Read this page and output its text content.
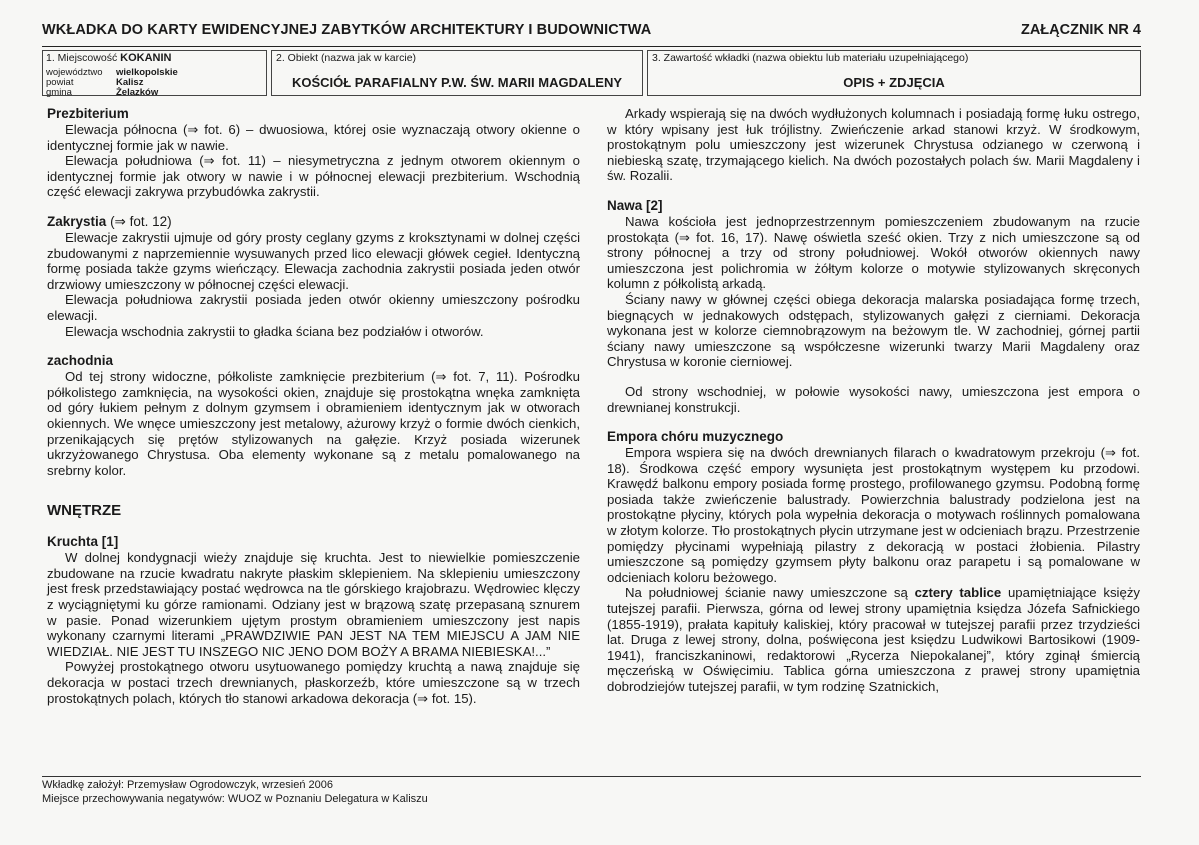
WKŁADKA DO KARTY EWIDENCYJNEJ ZABYTKÓW ARCHITEKTURY I BUDOWNICTWA	ZAŁĄCZNIK NR 4
1. Miejscowość KOKANIN
województwo wielkopolskie
powiat	Kalisz
gmina	Żelazków
2. Obiekt (nazwa jak w karcie)
KOŚCIÓŁ PARAFIALNY P.W. ŚW. MARII MAGDALENY
3. Zawartość wkładki (nazwa obiektu lub materiału uzupełniającego)
OPIS + ZDJĘCIA
Prezbiterium

Elewacja północna (⇒ fot. 6) – dwuosiowa, której osie wyznaczają otwory okienne o identycznej formie jak w nawie.

Elewacja południowa (⇒ fot. 11) – niesymetryczna z jednym otworem okiennym o identycznej formie jak otwory w nawie i w północnej elewacji prezbiterium. Wschodnią część elewacji zakrywa przybudówka zakrystii.

Zakrystia (⇒ fot. 12)

Elewacje zakrystii ujmuje od góry prosty ceglany gzyms z kroksztynami w dolnej części zbudowanymi z naprzemiennie wysuwanych przed lico elewacji główek cegieł. Identyczną formę posiada także gzyms wieńczący. Elewacja zachodnia zakrystii posiada jeden otwór drzwiowy umieszczony w północnej części elewacji.

Elewacja południowa zakrystii posiada jeden otwór okienny umieszczony pośrodku elewacji.

Elewacja wschodnia zakrystii to gładka ściana bez podziałów i otworów.

zachodnia

Od tej strony widoczne, półkoliste zamknięcie prezbiterium (⇒ fot. 7, 11). Pośrodku półkolistego zamknięcia, na wysokości okien, znajduje się prostokątna wnęka zamknięta od góry łukiem pełnym z dolnym gzymsem i obramieniem identycznym jak w otworach okiennych. We wnęce umieszczony jest metalowy, ażurowy krzyż o formie dwóch cienkich, przenikających się prętów stylizowanych na gałęzie. Krzyż posiada wizerunek ukrzyżowanego Chrystusa. Oba elementy wykonane są z metalu pomalowanego na srebrny kolor.

WNĘTRZE
Kruchta [1]

W dolnej kondygnacji wieży znajduje się kruchta. Jest to niewielkie pomieszczenie zbudowane na rzucie kwadratu nakryte płaskim sklepieniem. Na sklepieniu umieszczony jest fresk przedstawiający postać wędrowca na tle górskiego krajobrazu. Wędrowiec klęczy z wyciągniętymi ku górze ramionami. Odziany jest w brązową szatę przepasaną sznurem w pasie. Ponad wizerunkiem ujętym prostym obramieniem umieszczony jest napis wykonany czarnymi literami „PRAWDZIWIE PAN JEST NA TEM MIEJSCU A JAM NIE WIEDZIAŁ. NIE JEST TU INSZEGO NIC JENO DOM BOŻY A BRAMA NIEBIESKA!...”

Powyżej prostokątnego otworu usytuowanego pomiędzy kruchtą a nawą znajduje się dekoracja w postaci trzech drewnianych, płaskorzeźb, które umieszczone są w trzech prostokątnych polach, których tło stanowi arkadowa dekoracja (⇒ fot. 15).

Arkady wspierają się na dwóch wydłużonych kolumnach i posiadają formę łuku ostrego, w który wpisany jest łuk trójlistny. Zwieńczenie arkad stanowi krzyż. W środkowym, prostokątnym polu umieszczony jest wizerunek Chrystusa odzianego w czerwoną i niebieską szatę, trzymającego kielich. Na dwóch pozostałych polach św. Marii Magdaleny i św. Rozalii.

Nawa [2]

Nawa kościoła jest jednoprzestrzennym pomieszczeniem zbudowanym na rzucie prostokąta (⇒ fot. 16, 17). Nawę oświetla sześć okien. Trzy z nich umieszczone są od strony północnej a trzy od strony południowej. Wokół otworów okiennych nawy umieszczona jest polichromia w żółtym kolorze o motywie stylizowanych skręconych kolumn z półkolistą arkadą.

Ściany nawy w głównej części obiega dekoracja malarska posiadająca formę trzech, biegnących w jednakowych odstępach, stylizowanych gałęzi z cierniami. Dekoracja wykonana jest w kolorze ciemnobrązowym na beżowym tle. W zachodniej, górnej partii ściany nawy umieszczone są współczesne wizerunki twarzy Marii Magdaleny oraz Chrystusa w koronie cierniowej.

Od strony wschodniej, w połowie wysokości nawy, umieszczona jest empora o drewnianej konstrukcji.

Empora chóru muzycznego

Empora wspiera się na dwóch drewnianych filarach o kwadratowym przekroju (⇒ fot. 18). Środkowa część empory wysunięta jest prostokątnym występem ku przodowi. Krawędź balkonu empory posiada formę prostego, profilowanego gzymsu. Podobną formę posiada także zwieńczenie balustrady. Powierzchnia balustrady podzielona jest na prostokątne płyciny, których pola wypełnia dekoracja o motywach roślinnych pomalowana w złotym kolorze. Tło prostokątnych płycin utrzymane jest w odcieniach brązu. Przestrzenie pomiędzy płycinami wypełniają pilastry z dekoracją w postaci żłobienia. Pilastry umieszczone są pomiędzy gzymsem płyty balkonu oraz parapetu i są pomalowane w odcieniach koloru beżowego.

Na południowej ścianie nawy umieszczone są cztery tablice upamiętniające księży tutejszej parafii. Pierwsza, górna od lewej strony upamiętnia księdza Józefa Safnickiego (1855-1919), prałata kapituły kaliskiej, który pracował w tutejszej parafii przez trzydzieści lat. Druga z lewej strony, dolna, poświęcona jest księdzu Ludwikowi Bartosikowi (1909-1941), franciszkaninowi, redaktorowi „Rycerza Niepokalanej”, który zginął śmiercią męczeńską w Oświęcimiu. Tablica górna umieszczona z prawej strony upamiętnia dobrodziejów tutejszej parafii, w tym rodzinę Szatnickich,

Wkładkę założył: Przemysław Ogrodowczyk, wrzesień 2006
Miejsce przechowywania negatywów: WUOZ w Poznaniu Delegatura w Kaliszu
